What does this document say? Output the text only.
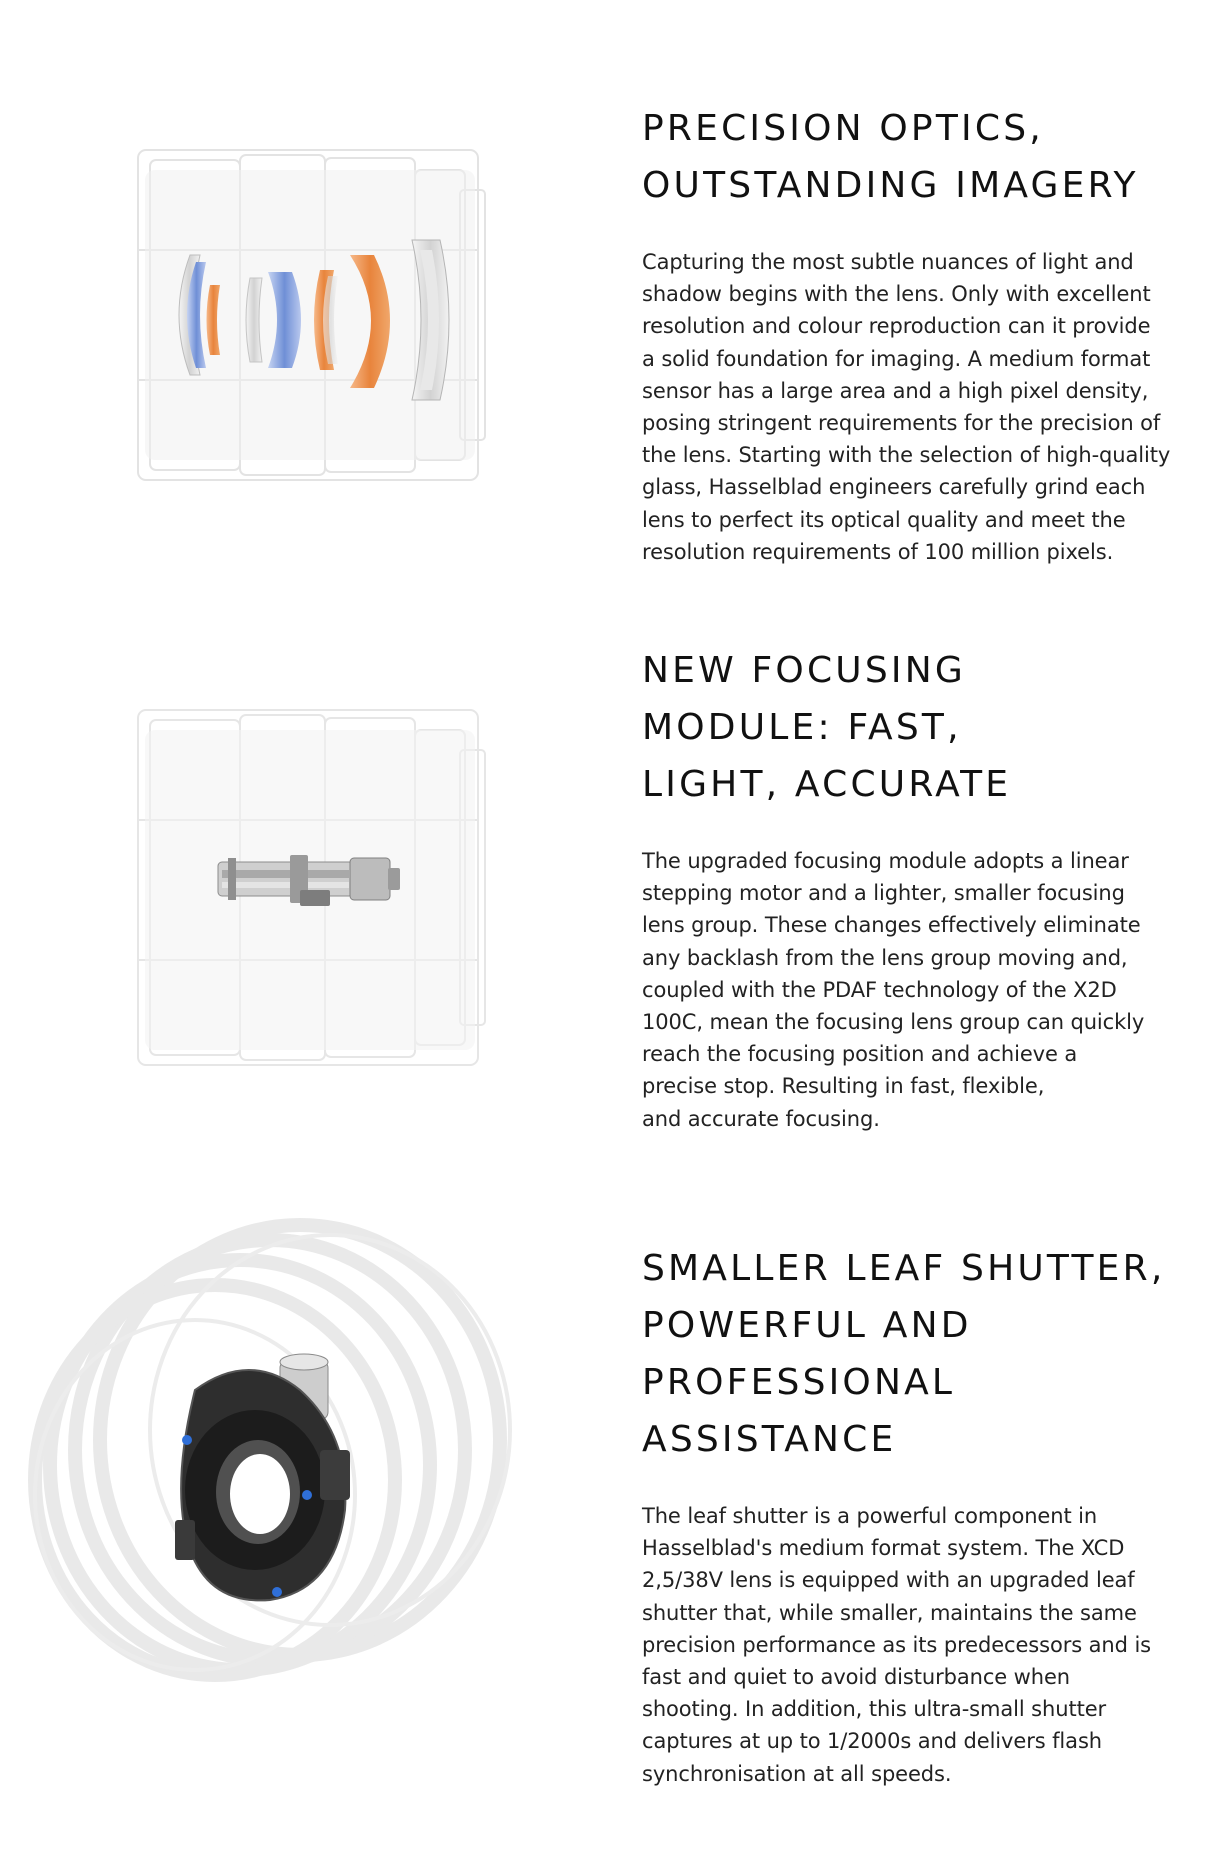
PRECISION OPTICS,
OUTSTANDING IMAGERY

Capturing the most subtle nuances of light and
shadow begins with the lens. Only with excellent
resolution and colour reproduction can it provide
a solid foundation for imaging. A medium format
sensor has a large area and a high pixel density,
posing stringent requirements for the precision of
the lens. Starting with the selection of high-quality
glass, Hasselblad engineers carefully grind each
lens to perfect its optical quality and meet the
resolution requirements of 100 million pixels.

NEW FOCUSING
MODULE: FAST,
LIGHT, ACCURATE

The upgraded focusing module adopts a linear
stepping motor and a lighter, smaller focusing
lens group. These changes effectively eliminate
any backlash from the lens group moving and,
coupled with the PDAF technology of the X2D
100C, mean the focusing lens group can quickly
reach the focusing position and achieve a
precise stop. Resulting in fast, flexible,
and accurate focusing.

SMALLER LEAF SHUTTER,
POWERFUL AND
PROFESSIONAL
ASSISTANCE

The leaf shutter is a powerful component in
Hasselblad's medium format system. The XCD
2,5/38V lens is equipped with an upgraded leaf
shutter that, while smaller, maintains the same
precision performance as its predecessors and is
fast and quiet to avoid disturbance when
shooting. In addition, this ultra-small shutter
captures at up to 1/2000s and delivers flash
synchronisation at all speeds.
